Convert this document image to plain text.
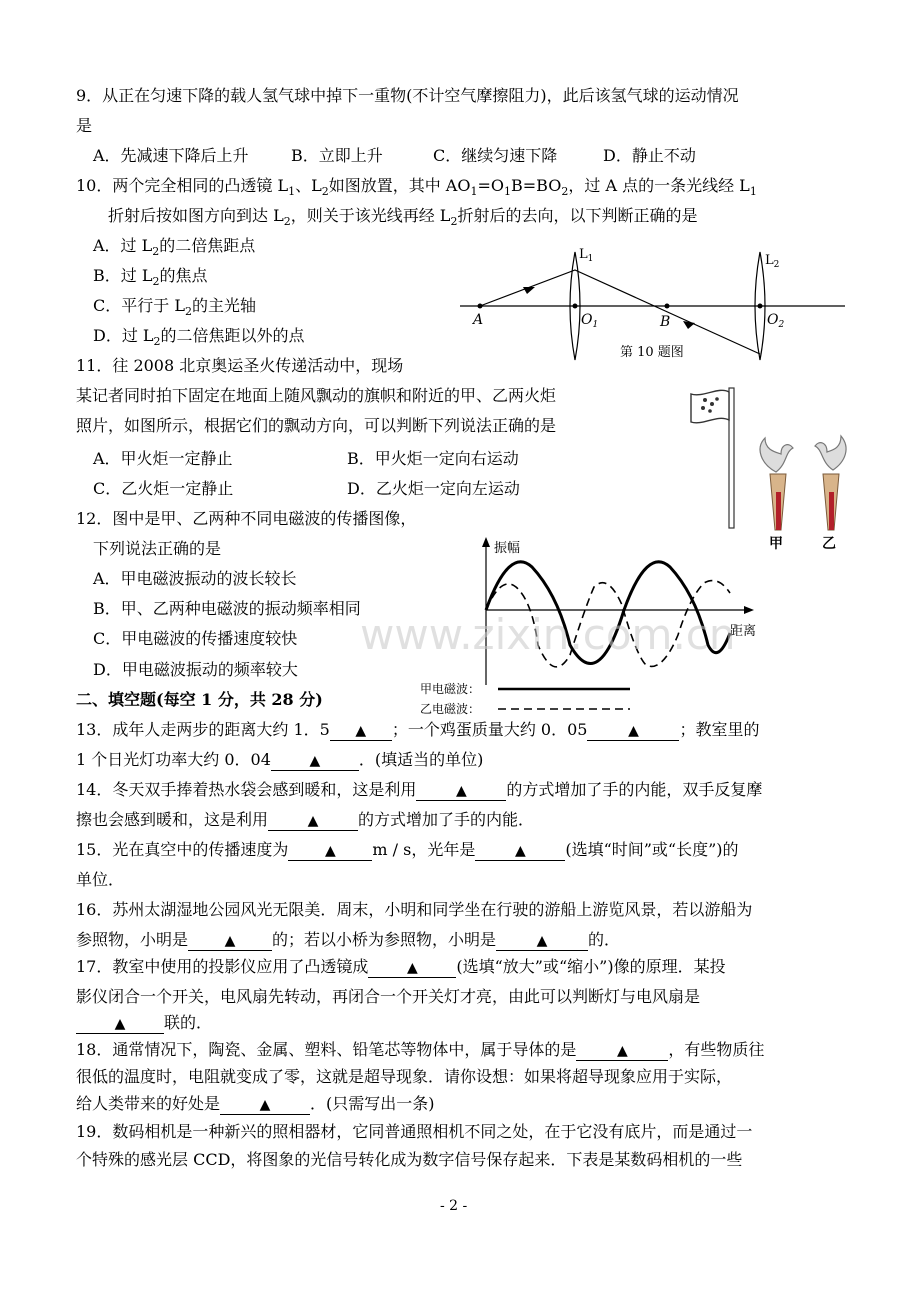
9．从正在匀速下降的载人氢气球中掉下一重物(不计空气摩擦阻力)，此后该氢气球的运动情况
是
A．先减速下降后上升	B．立即上升	C．继续匀速下降	D．静止不动
10．两个完全相同的凸透镜 $L_1$、$L_2$如图放置，其中 $AO_1=O_1B=BO_2$，过 A 点的一条光线经 $L_1$
折射后按如图方向到达 $L_2$，则关于该光线再经 $L_2$折射后的去向，以下判断正确的是
A．过 $L_2$的二倍焦距点
B．过 $L_2$的焦点
C．平行于 $L_2$的主光轴
D．过 $L_2$的二倍焦距以外的点
A	$O_1$	B	$O_2$
$L_1$	$L_2$
第 10 题图
11．往 2008 北京奥运圣火传递活动中，现场
某记者同时拍下固定在地面上随风飘动的旗帜和附近的甲、乙两火炬
照片，如图所示，根据它们的飘动方向，可以判断下列说法正确的是
A．甲火炬一定静止	B．甲火炬一定向右运动
C．乙火炬一定静止	D．乙火炬一定向左运动
甲	乙
12．图中是甲、乙两种不同电磁波的传播图像，
下列说法正确的是
A．甲电磁波振动的波长较长
B．甲、乙两种电磁波的振动频率相同
C．甲电磁波的传播速度较快
D．甲电磁波振动的频率较大
振幅
距离
甲电磁波：
乙电磁波：
www.zixin.com.cn
二、填空题(每空 1 分，共 28 分)
13．成年人走两步的距离大约 1．5 ▲	；一个鸡蛋质量大约 0．05 ▲	；教室里的
1 个日光灯功率大约 0．04 ▲	．(填适当的单位)
14．冬天双手捧着热水袋会感到暖和，这是利用 ▲	的方式增加了手的内能，双手反复摩
擦也会感到暖和，这是利用 ▲	的方式增加了手的内能．
15．光在真空中的传播速度为 ▲	m / s，光年是 ▲	(选填“时间”或“长度”)的
单位．
16．苏州太湖湿地公园风光无限美．周末，小明和同学坐在行驶的游船上游览风景，若以游船为
参照物，小明是 ▲	的；若以小桥为参照物，小明是 ▲	的．
17．教室中使用的投影仪应用了凸透镜成 ▲	(选填“放大”或“缩小”)像的原理．某投
影仪闭合一个开关，电风扇先转动，再闭合一个开关灯才亮，由此可以判断灯与电风扇是
▲联的．
18．通常情况下，陶瓷、金属、塑料、铅笔芯等物体中，属于导体的是 ▲	，有些物质往
很低的温度时，电阻就变成了零，这就是超导现象．请你设想：如果将超导现象应用于实际，
给人类带来的好处是 ▲	．(只需写出一条)
19．数码相机是一种新兴的照相器材，它同普通照相机不同之处，在于它没有底片，而是通过一
个特殊的感光层 CCD，将图象的光信号转化成为数字信号保存起来．下表是某数码相机的一些
- 2 -
